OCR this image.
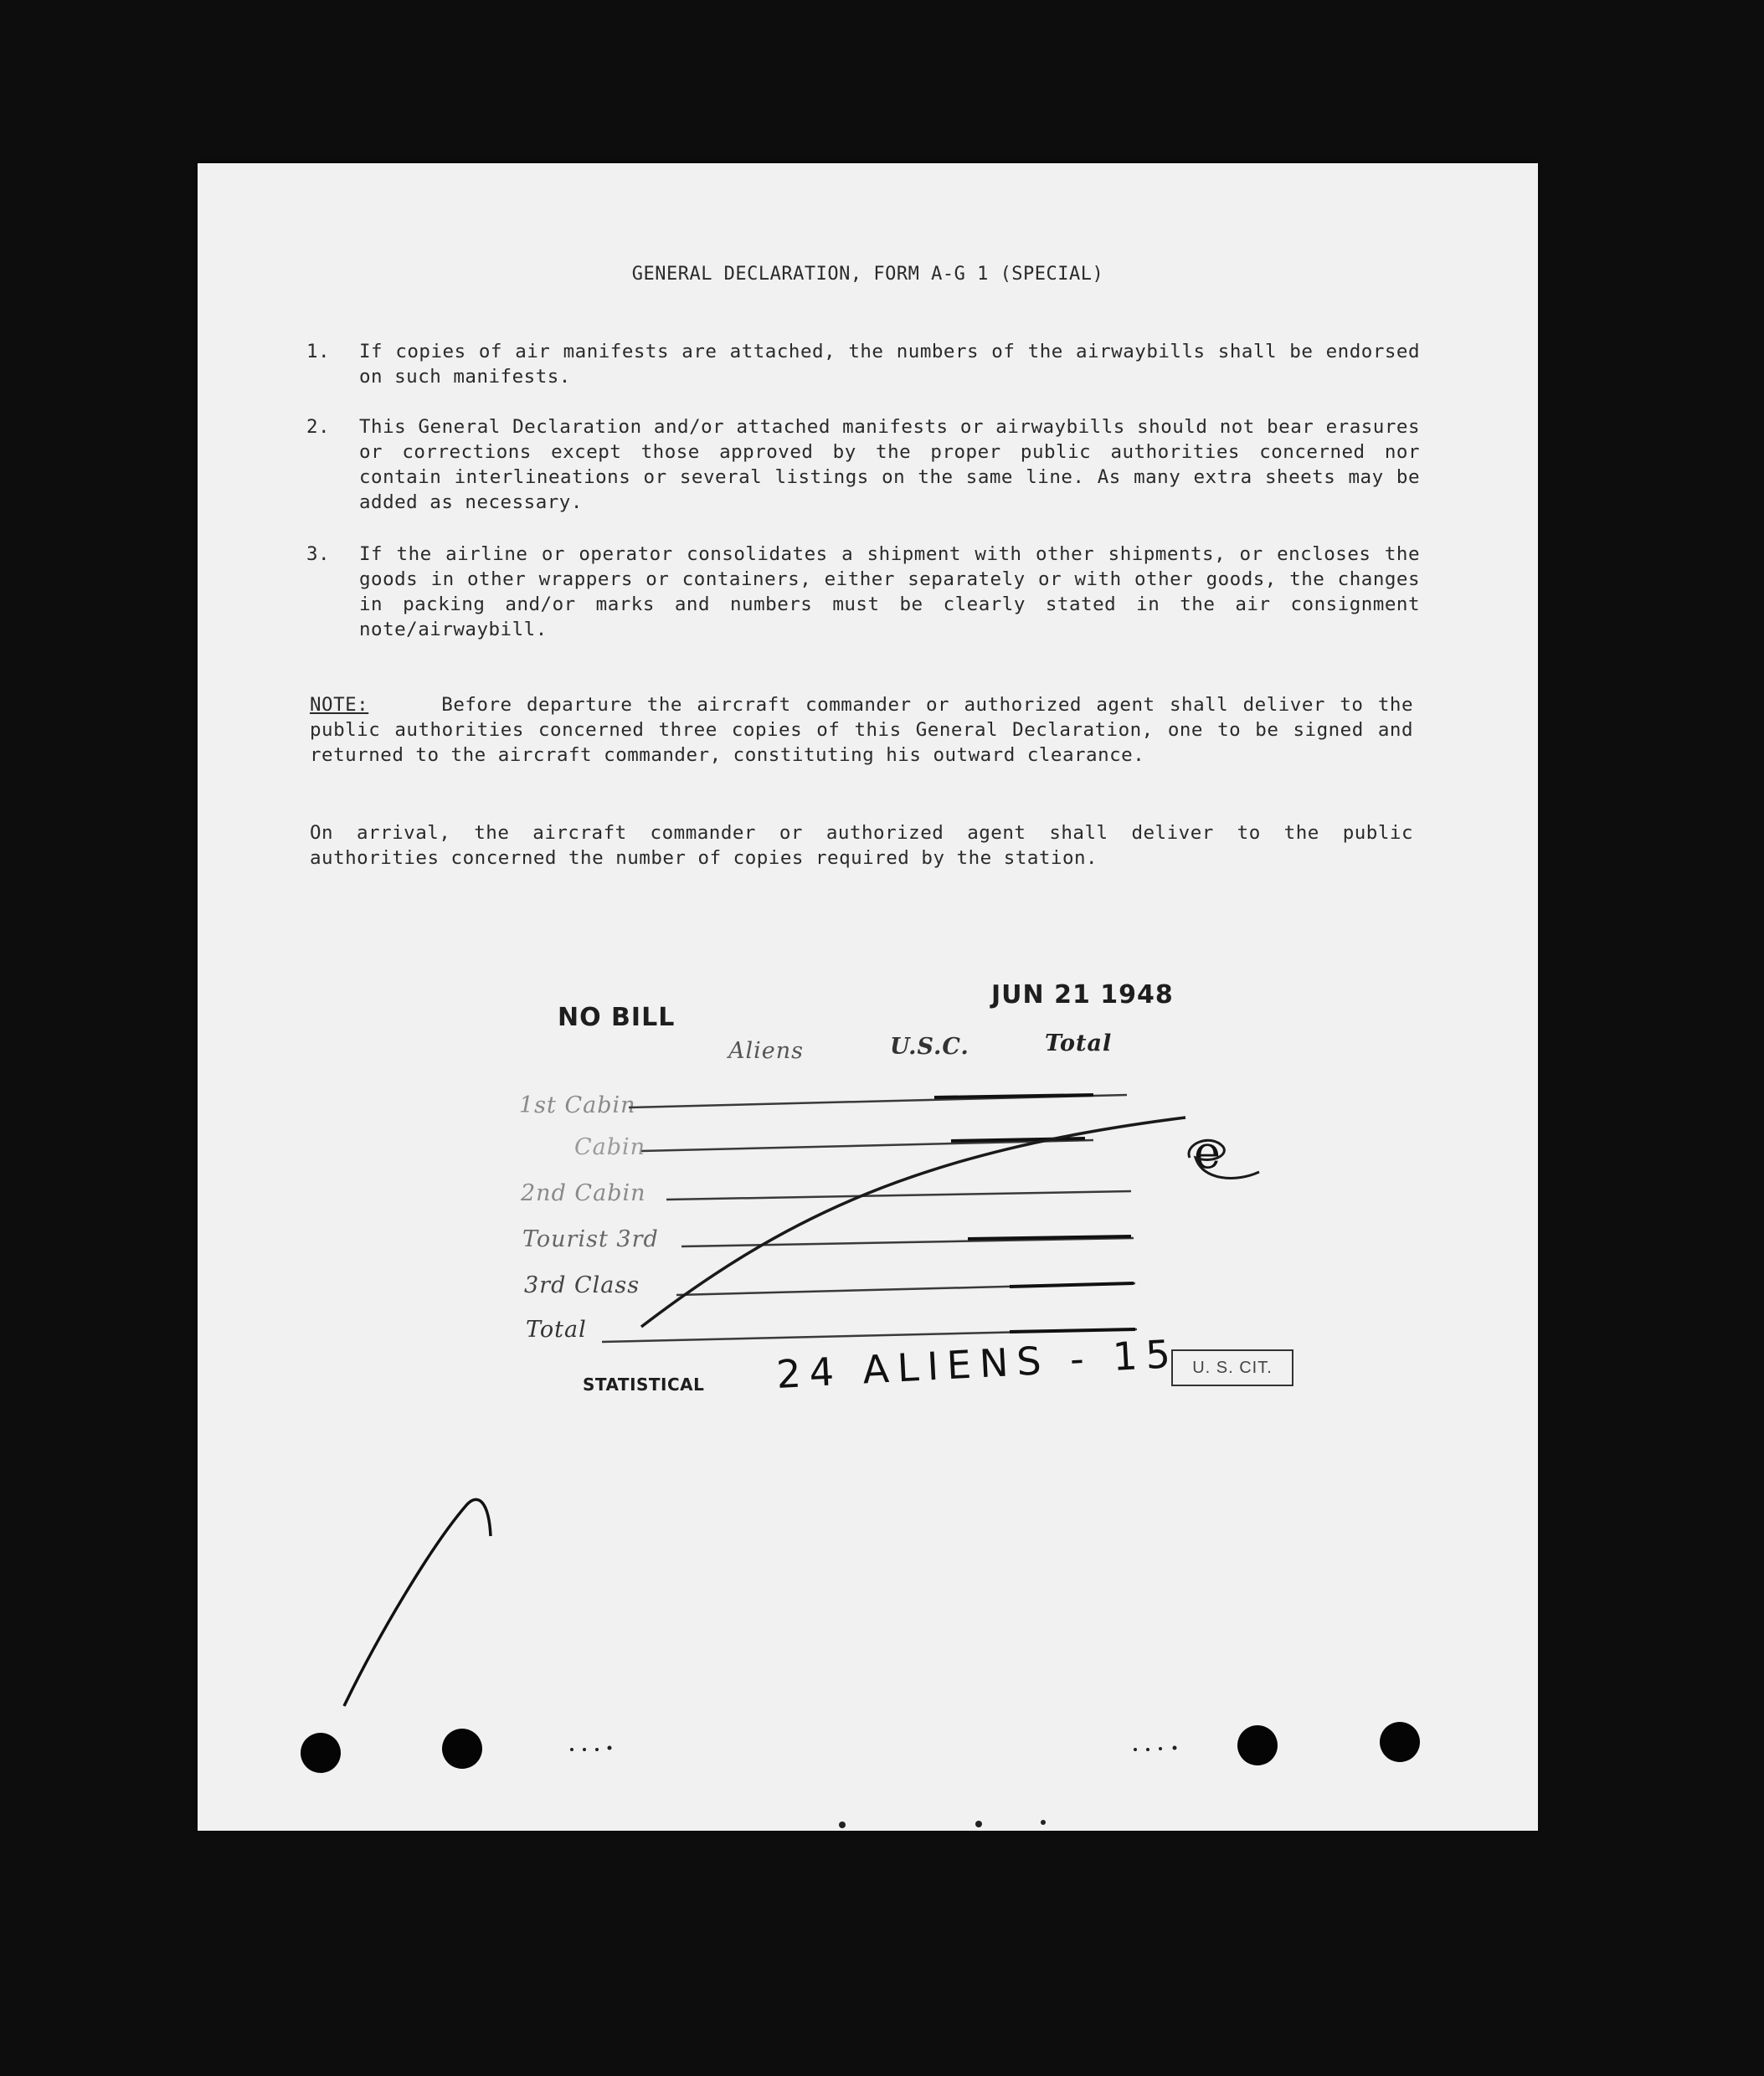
GENERAL DECLARATION, FORM A-G 1 (SPECIAL)
1. If copies of air manifests are attached, the numbers of the airwaybills shall be endorsed on such manifests.
2. This General Declaration and/or attached manifests or airwaybills should not bear erasures or corrections except those approved by the proper public authorities concerned nor contain interlineations or several listings on the same line. As many extra sheets may be added as necessary.
3. If the airline or operator consolidates a shipment with other shipments, or encloses the goods in other wrappers or containers, either separately or with other goods, the changes in packing and/or marks and numbers must be clearly stated in the air consignment note/airwaybill.
NOTE:	Before departure the aircraft commander or authorized agent shall deliver to the public authorities concerned three copies of this General Declaration, one to be signed and returned to the aircraft commander, constituting his outward clearance.
On arrival, the aircraft commander or authorized agent shall deliver to the public authorities concerned the number of copies required by the station.
NO BILL
JUN 21 1948
Aliens	U.S.C.	Total
1st Cabin
Cabin
2nd Cabin
Tourist 3rd
3rd Class
Total
STATISTICAL 24 ALIENS - 15 U. S. CIT.
e
